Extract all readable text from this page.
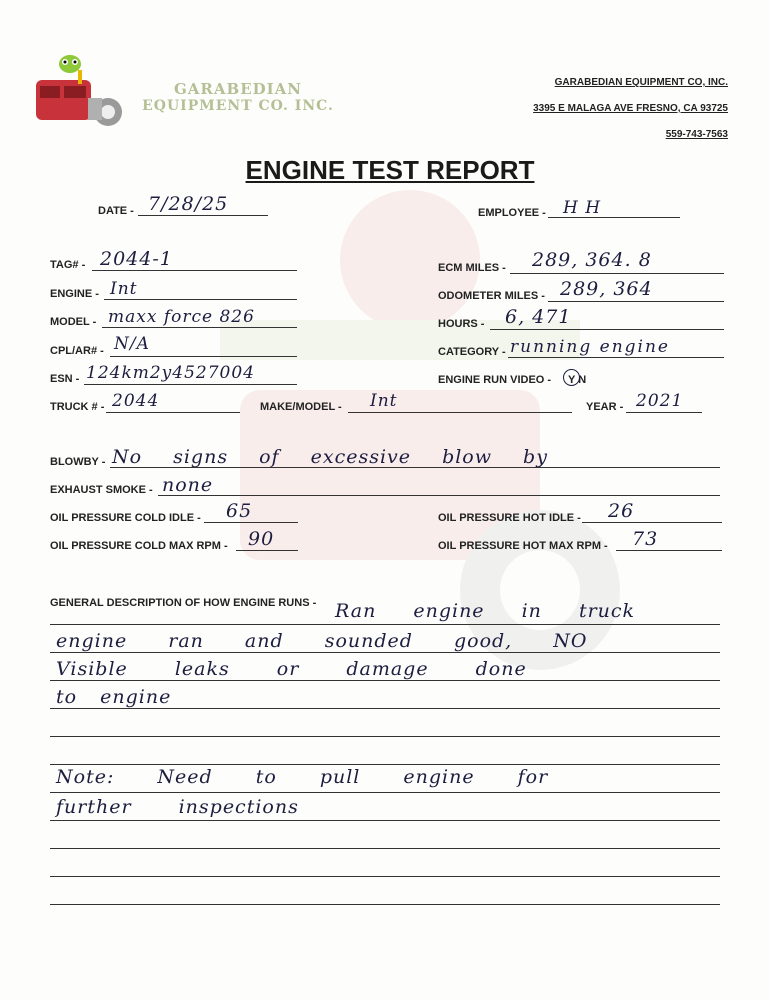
GARABEDIAN
EQUIPMENT CO. INC.
GARABEDIAN EQUIPMENT CO, INC.
3395 E MALAGA AVE FRESNO, CA 93725
559-743-7563
ENGINE TEST REPORT
DATE - 7/28/25	EMPLOYEE - H H
TAG# - 2044-1
ENGINE - Int
MODEL - maxx force 826
CPL/AR# - N/A
ESN - 124km2y4527004
ECM MILES - 289, 364. 8
ODOMETER MILES - 289, 364
HOURS - 6, 471
CATEGORY - running engine
ENGINE RUN VIDEO - Y N
TRUCK # - 2044	MAKE/MODEL - Int	YEAR - 2021
BLOWBY - No signs of excessive blow by
EXHAUST SMOKE - none
OIL PRESSURE COLD IDLE - 65
OIL PRESSURE COLD MAX RPM - 90
OIL PRESSURE HOT IDLE - 26
OIL PRESSURE HOT MAX RPM - 73
GENERAL DESCRIPTION OF HOW ENGINE RUNS - Ran engine in truck
engine ran and sounded good, NO
Visible leaks or damage done
to engine
Note: Need to pull engine for
further inspections
